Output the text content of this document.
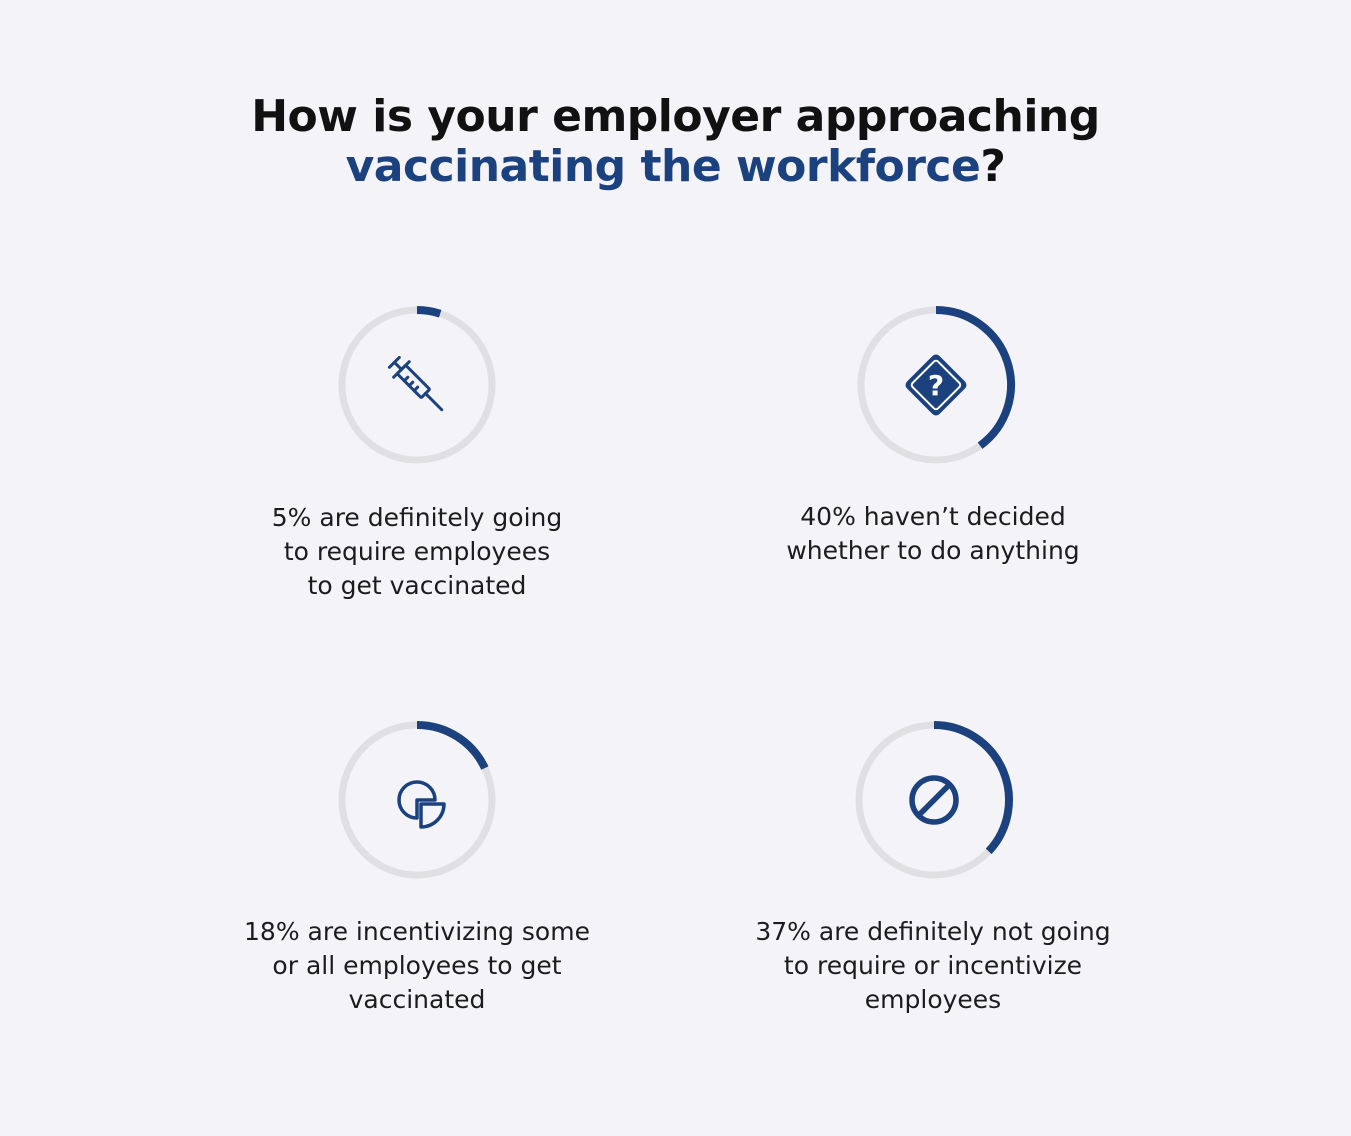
How is your employer approaching
vaccinating the workforce?
5% are definitely going
to require employees
to get vaccinated
?
40% haven’t decided
whether to do anything
18% are incentivizing some
or all employees to get
vaccinated
37% are definitely not going
to require or incentivize
employees
